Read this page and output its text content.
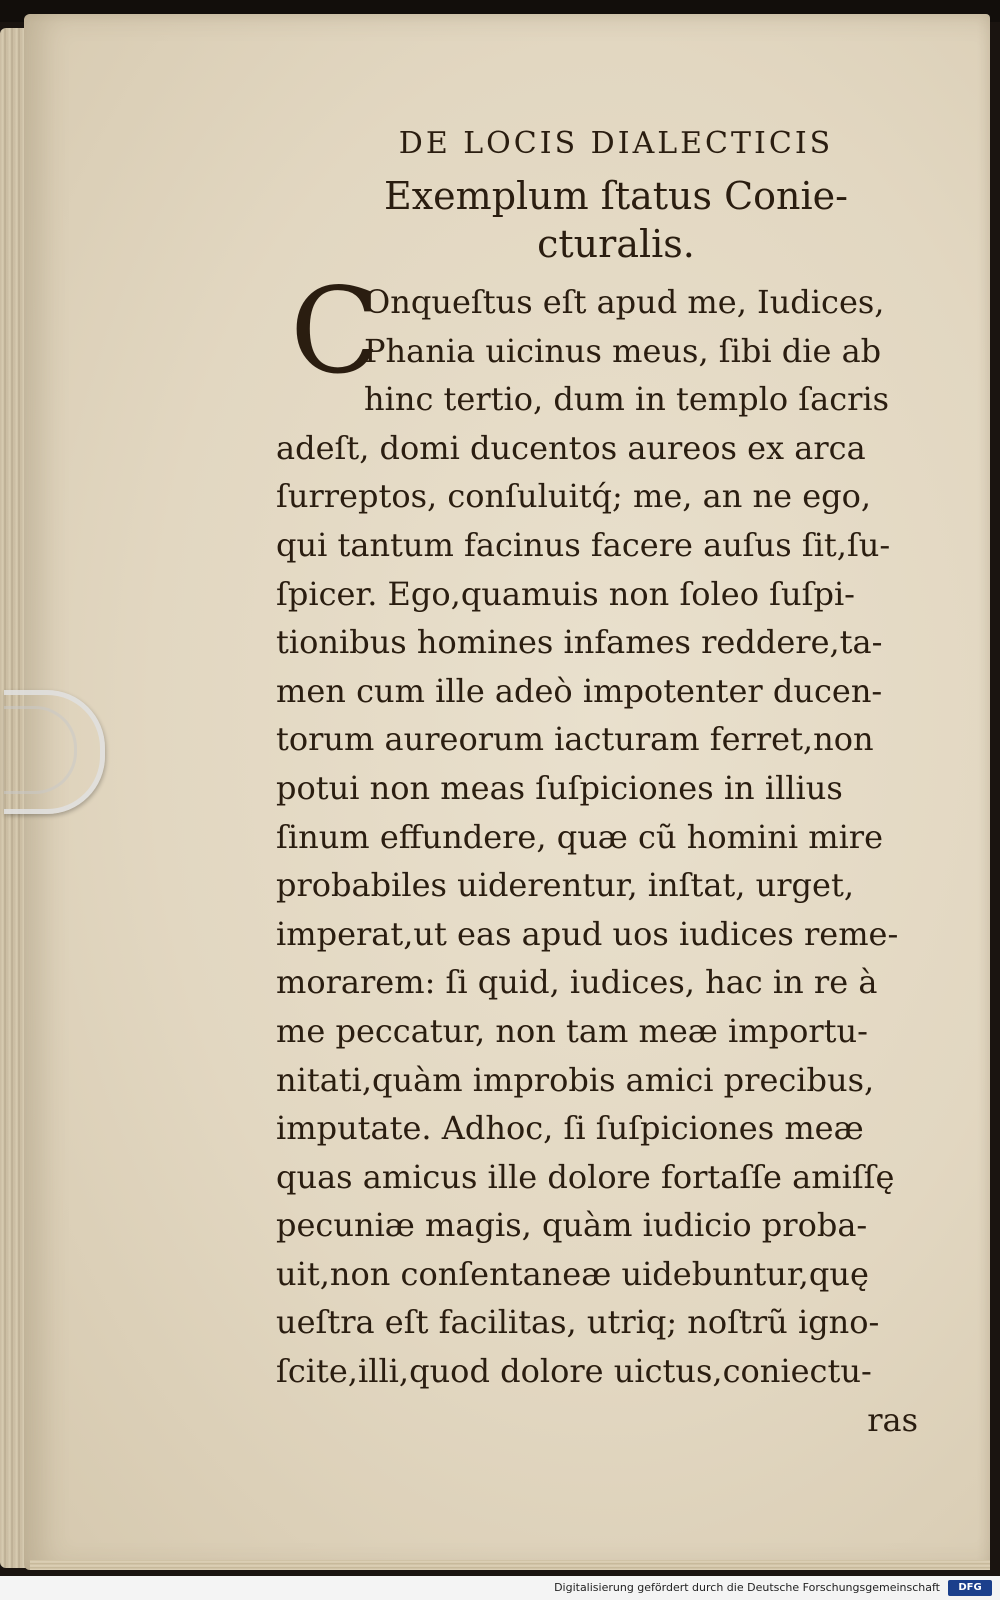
DE LOCIS DIALECTICIS
Exemplum ſtatus Conie-
cturalis.
C
Onqueſtus eſt apud me, Iudices,
Phania uicinus meus, ſibi die ab
hinc tertio, dum in templo ſacris
adeſt, domi ducentos aureos ex arca
ſurreptos, conſuluitq́; me, an ne ego,
qui tantum facinus facere auſus ſit,ſu-
ſpicer. Ego,quamuis non ſoleo ſuſpi-
tionibus homines infames reddere,ta-
men cum ille adeò impotenter ducen-
torum aureorum iacturam ferret,non
potui non meas ſuſpiciones in illius
ſinum effundere, quæ cũ homini mire
probabiles uiderentur, inſtat, urget,
imperat,ut eas apud uos iudices reme-
morarem: ſi quid, iudices, hac in re à
me peccatur, non tam meæ importu-
nitati,quàm improbis amici precibus,
imputate. Adhoc, ſi ſuſpiciones meæ
quas amicus ille dolore fortaſſe amiſſę
pecuniæ magis, quàm iudicio proba-
uit,non conſentaneæ uidebuntur,quę
ueſtra eſt facilitas, utriq; noſtrũ igno-
ſcite,illi,quod dolore uictus,coniectu-
ras
Digitalisierung gefördert durch die Deutsche Forschungsgemeinschaft	DFG
